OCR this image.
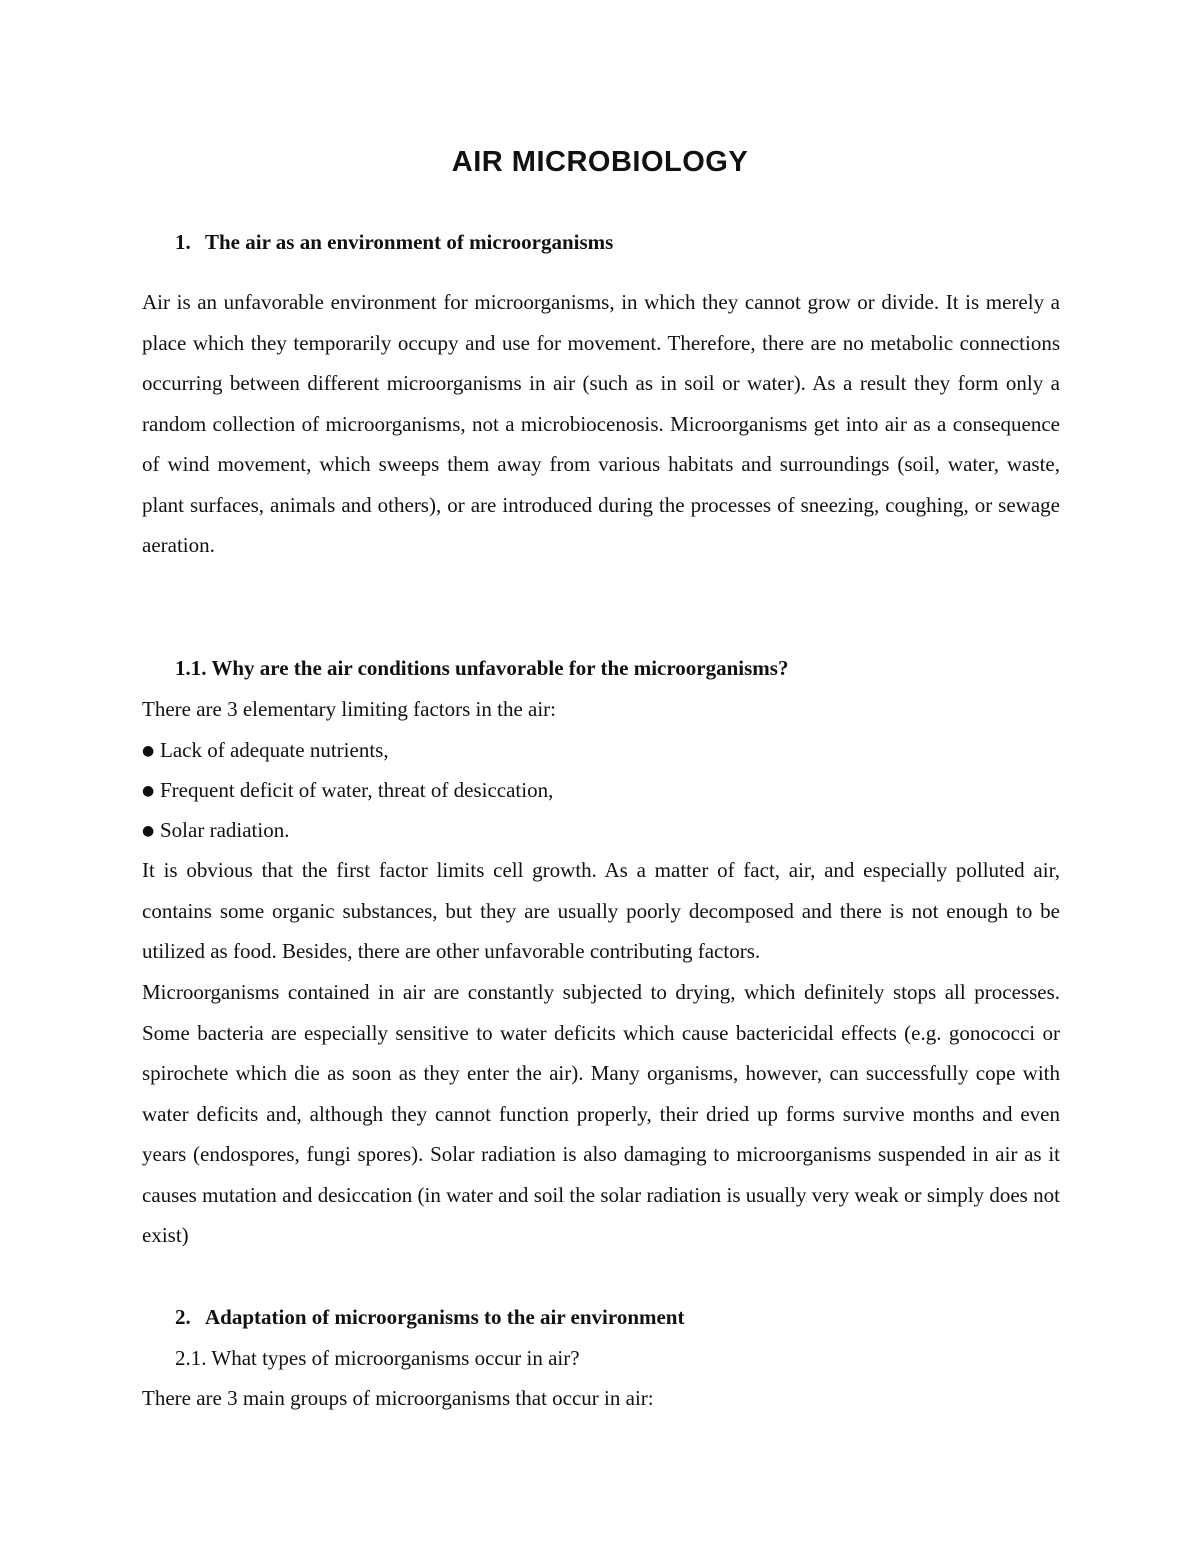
AIR MICROBIOLOGY
1. The air as an environment of microorganisms

Air is an unfavorable environment for microorganisms, in which they cannot grow or divide. It is merely a place which they temporarily occupy and use for movement. Therefore, there are no metabolic connections occurring between different microorganisms in air (such as in soil or water). As a result they form only a random collection of microorganisms, not a microbiocenosis. Microorganisms get into air as a consequence of wind movement, which sweeps them away from various habitats and surroundings (soil, water, waste, plant surfaces, animals and others), or are introduced during the processes of sneezing, coughing, or sewage aeration.

1.1. Why are the air conditions unfavorable for the microorganisms?

There are 3 elementary limiting factors in the air:

● Lack of adequate nutrients,

● Frequent deficit of water, threat of desiccation,

● Solar radiation.

It is obvious that the first factor limits cell growth. As a matter of fact, air, and especially polluted air, contains some organic substances, but they are usually poorly decomposed and there is not enough to be utilized as food. Besides, there are other unfavorable contributing factors.

Microorganisms contained in air are constantly subjected to drying, which definitely stops all processes. Some bacteria are especially sensitive to water deficits which cause bactericidal effects (e.g. gonococci or spirochete which die as soon as they enter the air). Many organisms, however, can successfully cope with water deficits and, although they cannot function properly, their dried up forms survive months and even years (endospores, fungi spores). Solar radiation is also damaging to microorganisms suspended in air as it causes mutation and desiccation (in water and soil the solar radiation is usually very weak or simply does not exist)

2. Adaptation of microorganisms to the air environment

2.1. What types of microorganisms occur in air?

There are 3 main groups of microorganisms that occur in air:
